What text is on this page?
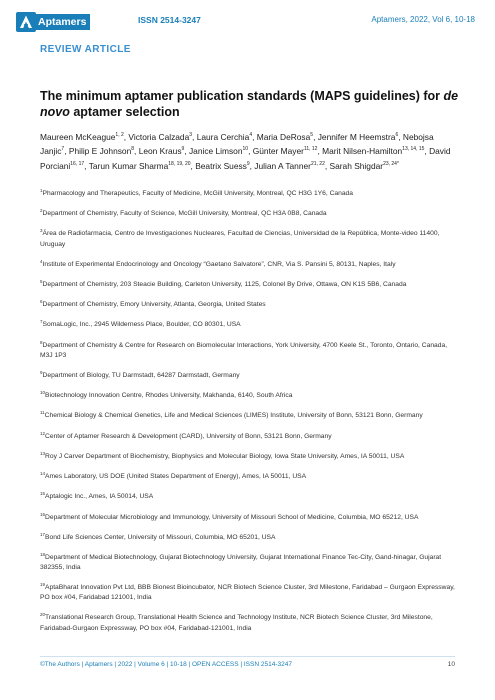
Aptamers	ISSN 2514-3247	Aptamers, 2022, Vol 6, 10-18
REVIEW ARTICLE
The minimum aptamer publication standards (MAPS guidelines) for de novo aptamer selection
Maureen McKeague$^{1, 2}$, Victoria Calzada$^3$, Laura Cerchia$^4$, Maria DeRosa$^5$, Jennifer M Heemstra$^6$, Nebojsa Janjic$^7$, Philip E Johnson$^8$, Leon Kraus$^9$, Janice Limson$^{10}$, Günter Mayer$^{11, 12}$, Marit Nilsen-Hamilton$^{13, 14, 15}$, David Porciani$^{16, 17}$, Tarun Kumar Sharma$^{18, 19, 20}$, Beatrix Suess$^9$, Julian A Tanner$^{21, 22}$, Sarah Shigdar$^{23, 24*}$
$^1$Pharmacology and Therapeutics, Faculty of Medicine, McGill University, Montreal, QC H3G 1Y6, Canada
$^2$Department of Chemistry, Faculty of Science, McGill University, Montreal, QC H3A 0B8, Canada
$^3$Área de Radiofarmacia, Centro de Investigaciones Nucleares, Facultad de Ciencias, Universidad de la República, Monte-video 11400, Uruguay
$^4$Institute of Experimental Endocrinology and Oncology “Gaetano Salvatore”, CNR, Via S. Pansini 5, 80131, Naples, Italy
$^5$Department of Chemistry, 203 Steacie Building, Carleton University, 1125, Colonel By Drive, Ottawa, ON K1S 5B6, Canada
$^6$Department of Chemistry, Emory University, Atlanta, Georgia, United States
$^7$SomaLogic, Inc., 2945 Wilderness Place, Boulder, CO 80301, USA
$^8$Department of Chemistry & Centre for Research on Biomolecular Interactions, York University, 4700 Keele St., Toronto, Ontario, Canada, M3J 1P3
$^9$Department of Biology, TU Darmstadt, 64287 Darmstadt, Germany
$^{10}$Biotechnology Innovation Centre, Rhodes University, Makhanda, 6140, South Africa
$^{11}$Chemical Biology & Chemical Genetics, Life and Medical Sciences (LIMES) Institute, University of Bonn, 53121 Bonn, Germany
$^{12}$Center of Aptamer Research & Development (CARD), University of Bonn, 53121 Bonn, Germany
$^{13}$Roy J Carver Department of Biochemistry, Biophysics and Molecular Biology, Iowa State University, Ames, IA 50011, USA
$^{14}$Ames Laboratory, US DOE (United States Department of Energy), Ames, IA 50011, USA
$^{15}$Aptalogic Inc., Ames, IA 50014, USA
$^{16}$Department of Molecular Microbiology and Immunology, University of Missouri School of Medicine, Columbia, MO 65212, USA
$^{17}$Bond Life Sciences Center, University of Missouri, Columbia, MO 65201, USA
$^{18}$Department of Medical Biotechnology, Gujarat Biotechnology University, Gujarat International Finance Tec-City, Gand-hinagar, Gujarat 382355, India
$^{19}$AptaBharat Innovation Pvt Ltd, BBB Bionest Bioincubator, NCR Biotech Science Cluster, 3rd Milestone, Faridabad – Gurgaon Expressway, PO box #04, Faridabad 121001, India
$^{20}$Translational Research Group, Translational Health Science and Technology Institute, NCR Biotech Science Cluster, 3rd Milestone, Faridabad-Gurgaon Expressway, PO box #04, Faridabad-121001, India
©The Authors | Aptamers | 2022 | Volume 6 | 10-18 | OPEN ACCESS | ISSN 2514-3247	10
